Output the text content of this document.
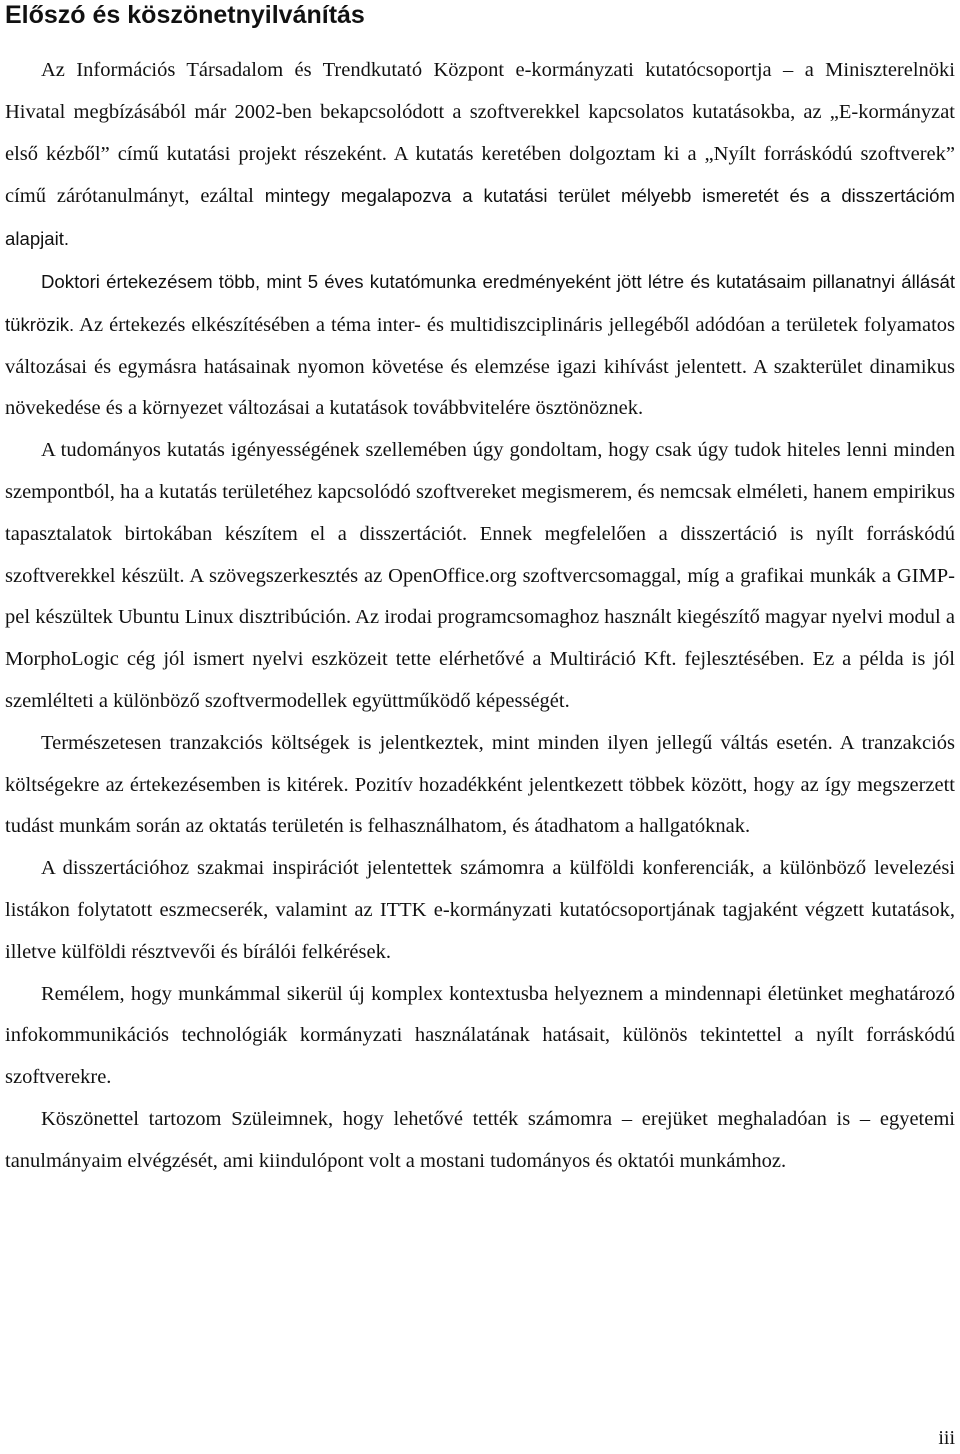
Előszó és köszönetnyilvánítás

Az Információs Társadalom és Trendkutató Központ e-kormányzati kutatócsoportja – a Miniszterelnöki Hivatal megbízásából már 2002-ben bekapcsolódott a szoftverekkel kapcsolatos kutatásokba, az „E-kormányzat első kézből” című kutatási projekt részeként. A kutatás keretében dolgoztam ki a „Nyílt forráskódú szoftverek” című zárótanulmányt, ezáltal mintegy megalapozva a kutatási terület mélyebb ismeretét és a disszertációm alapjait.

Doktori értekezésem több, mint 5 éves kutatómunka eredményeként jött létre és kutatásaim pillanatnyi állását tükrözik. Az értekezés elkészítésében a téma inter- és multidiszciplináris jellegéből adódóan a területek folyamatos változásai és egymásra hatásainak nyomon követése és elemzése igazi kihívást jelentett. A szakterület dinamikus növekedése és a környezet változásai a kutatások továbbvitelére ösztönöznek.

A tudományos kutatás igényességének szellemében úgy gondoltam, hogy csak úgy tudok hiteles lenni minden szempontból, ha a kutatás területéhez kapcsolódó szoftvereket megismerem, és nemcsak elméleti, hanem empirikus tapasztalatok birtokában készítem el a disszertációt. Ennek megfelelően a disszertáció is nyílt forráskódú szoftverekkel készült. A szövegszerkesztés az OpenOffice.org szoftvercsomaggal, míg a grafikai munkák a GIMP-pel készültek Ubuntu Linux disztribúción. Az irodai programcsomaghoz használt kiegészítő magyar nyelvi modul a MorphoLogic cég jól ismert nyelvi eszközeit tette elérhetővé a Multiráció Kft. fejlesztésében. Ez a példa is jól szemlélteti a különböző szoftvermodellek együttműködő képességét.

Természetesen tranzakciós költségek is jelentkeztek, mint minden ilyen jellegű váltás esetén. A tranzakciós költségekre az értekezésemben is kitérek. Pozitív hozadékként jelentkezett többek között, hogy az így megszerzett tudást munkám során az oktatás területén is felhasználhatom, és átadhatom a hallgatóknak.

A disszertációhoz szakmai inspirációt jelentettek számomra a külföldi konferenciák, a különböző levelezési listákon folytatott eszmecserék, valamint az ITTK e-kormányzati kutatócsoportjának tagjaként végzett kutatások, illetve külföldi résztvevői és bírálói felkérések.

Remélem, hogy munkámmal sikerül új komplex kontextusba helyeznem a mindennapi életünket meghatározó infokommunikációs technológiák kormányzati használatának hatásait, különös tekintettel a nyílt forráskódú szoftverekre.

Köszönettel tartozom Szüleimnek, hogy lehetővé tették számomra – erejüket meghaladóan is – egyetemi tanulmányaim elvégzését, ami kiindulópont volt a mostani tudományos és oktatói munkámhoz.

iii
